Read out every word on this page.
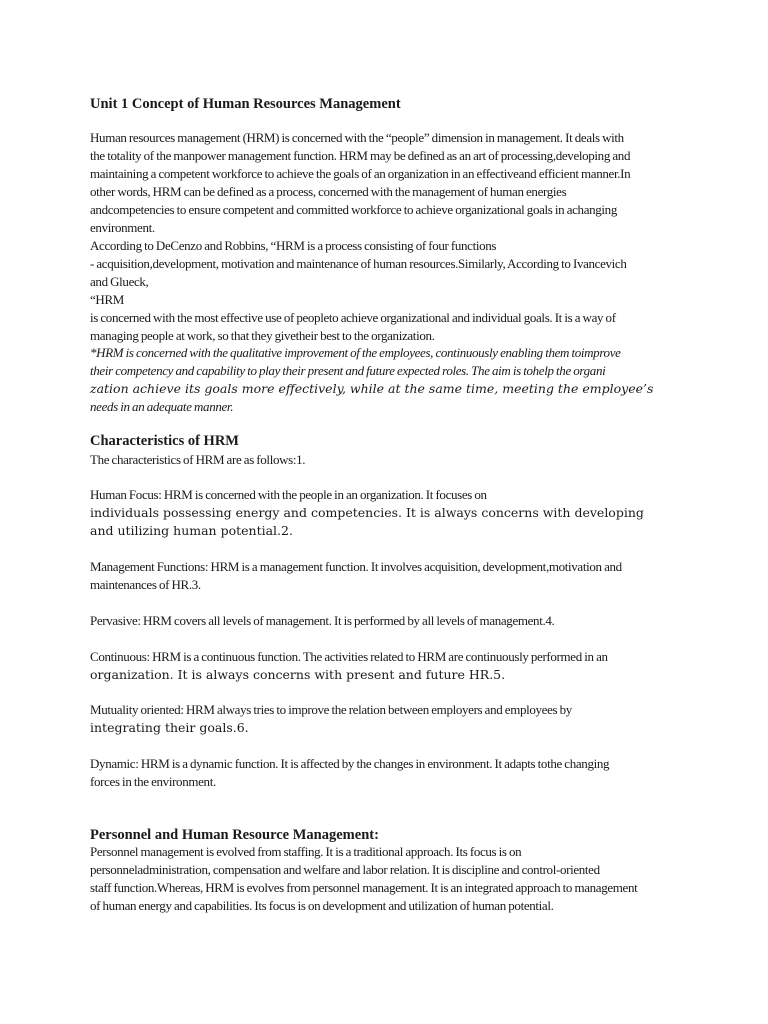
Unit 1 Concept of Human Resources Management
Human resources management (HRM) is concerned with the “people” dimension in management. It deals with
the totality of the manpower management function. HRM may be defined as an art of processing,developing and
maintaining a competent workforce to achieve the goals of an organization in an effectiveand efficient manner.In
other words, HRM can be defined as a process, concerned with the management of human energies
andcompetencies to ensure competent and committed workforce to achieve organizational goals in achanging
environment.
According to DeCenzo and Robbins, “HRM is a process consisting of four functions
- acquisition,development, motivation and maintenance of human resources.Similarly, According to Ivancevich
and Glueck,
“HRM
is concerned with the most effective use of peopleto achieve organizational and individual goals. It is a way of
managing people at work, so that they givetheir best to the organization.
*HRM is concerned with the qualitative improvement of the employees, continuously enabling them toimprove
their competency and capability to play their present and future expected roles. The aim is tohelp the organi
zation achieve its goals more effectively, while at the same time, meeting the employee’s
needs in an adequate manner.
Characteristics of HRM
The characteristics of HRM are as follows:1.
Human Focus: HRM is concerned with the people in an organization. It focuses on
individuals possessing energy and competencies. It is always concerns with developing
and utilizing human potential.2.
Management Functions: HRM is a management function. It involves acquisition, development,motivation and
maintenances of HR.3.
Pervasive: HRM covers all levels of management. It is performed by all levels of management.4.
Continuous: HRM is a continuous function. The activities related to HRM are continuously performed in an
organization. It is always concerns with present and future HR.5.
Mutuality oriented: HRM always tries to improve the relation between employers and employees by
integrating their goals.6.
Dynamic: HRM is a dynamic function. It is affected by the changes in environment. It adapts tothe changing
forces in the environment.
Personnel and Human Resource Management:
Personnel management is evolved from staffing. It is a traditional approach. Its focus is on
personneladministration, compensation and welfare and labor relation. It is discipline and control-oriented
staff function.Whereas, HRM is evolves from personnel management. It is an integrated approach to management
of human energy and capabilities. Its focus is on development and utilization of human potential.
